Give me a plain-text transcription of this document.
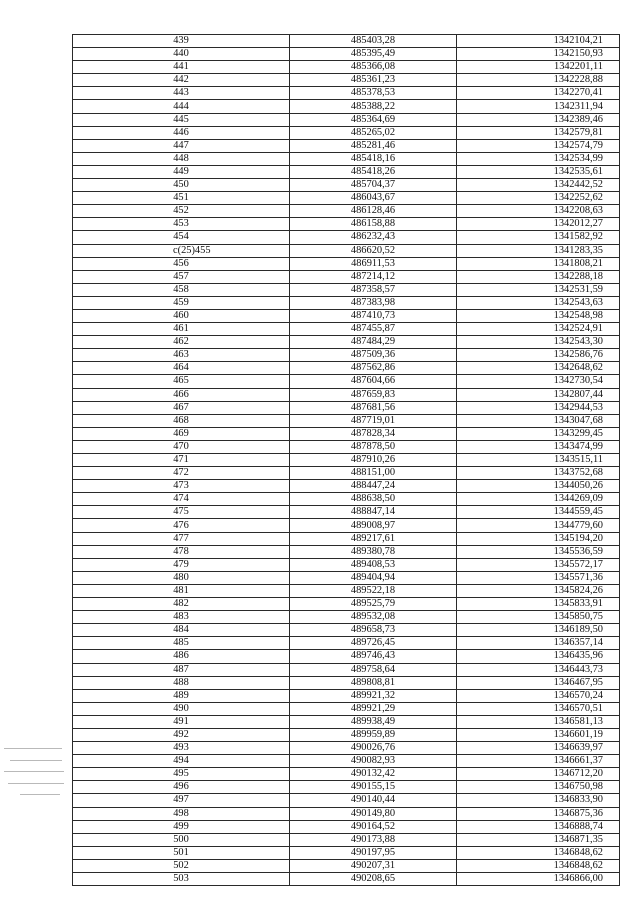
439	485403,28	1342104,21
440	485395,49	1342150,93
441	485366,08	1342201,11
442	485361,23	1342228,88
443	485378,53	1342270,41
444	485388,22	1342311,94
445	485364,69	1342389,46
446	485265,02	1342579,81
447	485281,46	1342574,79
448	485418,16	1342534,99
449	485418,26	1342535,61
450	485704,37	1342442,52
451	486043,67	1342252,62
452	486128,46	1342208,63
453	486158,88	1342012,27
454	486232,43	1341582,92
c(25)455	486620,52	1341283,35
456	486911,53	1341808,21
457	487214,12	1342288,18
458	487358,57	1342531,59
459	487383,98	1342543,63
460	487410,73	1342548,98
461	487455,87	1342524,91
462	487484,29	1342543,30
463	487509,36	1342586,76
464	487562,86	1342648,62
465	487604,66	1342730,54
466	487659,83	1342807,44
467	487681,56	1342944,53
468	487719,01	1343047,68
469	487828,34	1343299,45
470	487878,50	1343474,99
471	487910,26	1343515,11
472	488151,00	1343752,68
473	488447,24	1344050,26
474	488638,50	1344269,09
475	488847,14	1344559,45
476	489008,97	1344779,60
477	489217,61	1345194,20
478	489380,78	1345536,59
479	489408,53	1345572,17
480	489404,94	1345571,36
481	489522,18	1345824,26
482	489525,79	1345833,91
483	489532,08	1345850,75
484	489658,73	1346189,50
485	489726,45	1346357,14
486	489746,43	1346435,96
487	489758,64	1346443,73
488	489808,81	1346467,95
489	489921,32	1346570,24
490	489921,29	1346570,51
491	489938,49	1346581,13
492	489959,89	1346601,19
493	490026,76	1346639,97
494	490082,93	1346661,37
495	490132,42	1346712,20
496	490155,15	1346750,98
497	490140,44	1346833,90
498	490149,80	1346875,36
499	490164,52	1346888,74
500	490173,88	1346871,35
501	490197,95	1346848,62
502	490207,31	1346848,62
503	490208,65	1346866,00
